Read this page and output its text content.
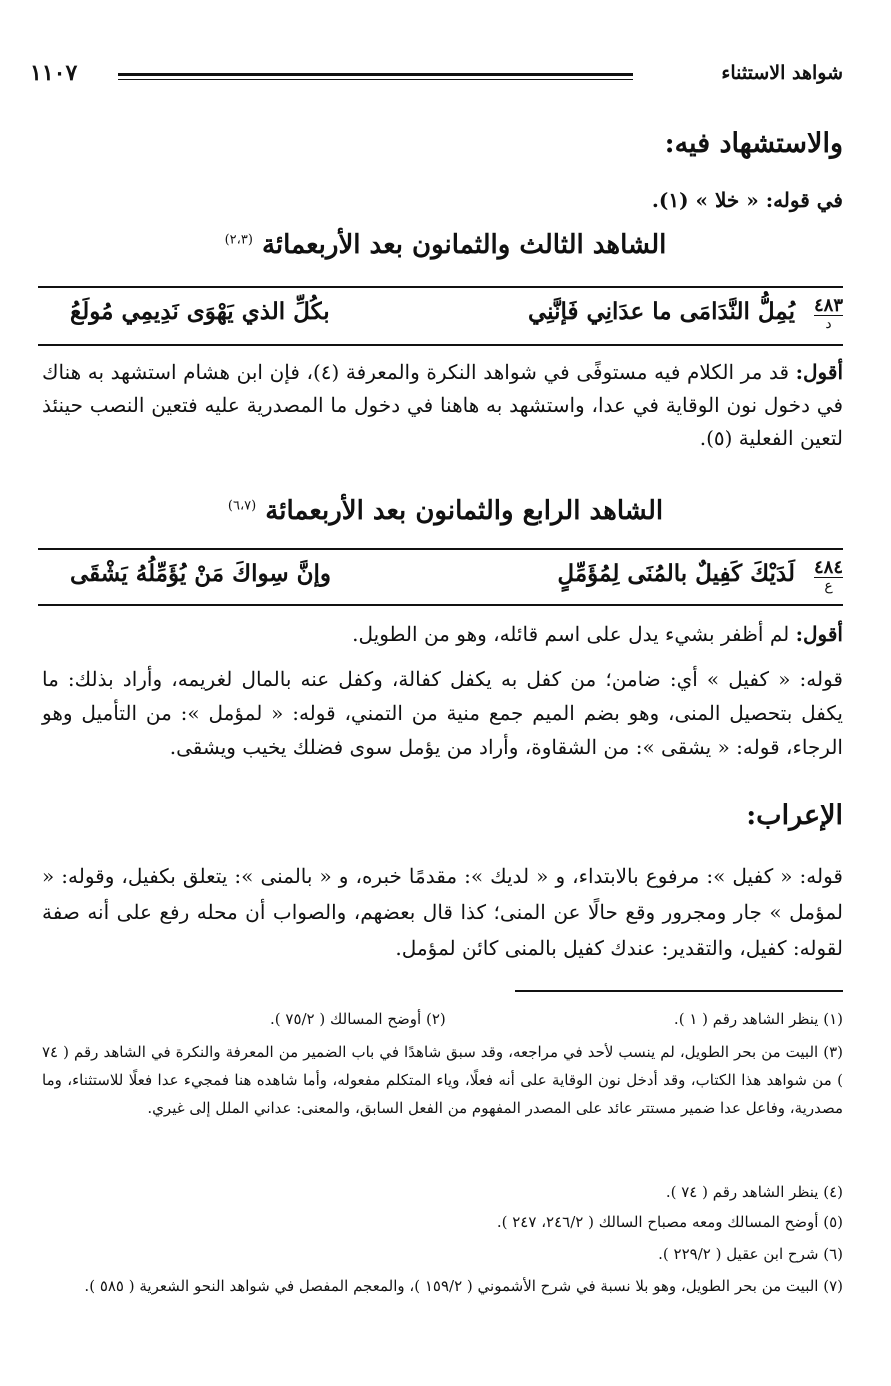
شواهد الاستثناء
١١٠٧
والاستشهاد فيه:
في قوله: « خلا » (١).
الشاهد الثالث والثمانون بعد الأربعمائة $^{(٢،٣)}$
٤٨٣
د
بكُلِّ الذي يَهْوَى نَدِيمِي مُولَعُ	يُمِلُّ النَّدَامَى ما عدَانِي فَإنَّنِي
أقول: قد مر الكلام فيه مستوفًى في شواهد النكرة والمعرفة (٤)، فإن ابن هشام استشهد به هناك في دخول نون الوقاية في عدا، واستشهد به هاهنا في دخول ما المصدرية عليه فتعين النصب حينئذ لتعين الفعلية (٥).
الشاهد الرابع والثمانون بعد الأربعمائة $^{(٦،٧)}$
٤٨٤
ع
وإنَّ سِواكَ مَنْ يُؤَمِّلُهُ يَشْقَى	لَدَيْكَ كَفِيلٌ بالمُنَى لِمُؤَمِّلٍ
أقول: لم أظفر بشيء يدل على اسم قائله، وهو من الطويل.
قوله: « كفيل » أي: ضامن؛ من كفل به يكفل كفالة، وكفل عنه بالمال لغريمه، وأراد بذلك: ما يكفل بتحصيل المنى، وهو بضم الميم جمع منية من التمني، قوله: « لمؤمل »: من التأميل وهو الرجاء، قوله: « يشقى »: من الشقاوة، وأراد من يؤمل سوى فضلك يخيب ويشقى.
الإعراب:
قوله: « كفيل »: مرفوع بالابتداء، و « لديك »: مقدمًا خبره، و « بالمنى »: يتعلق بكفيل، وقوله: « لمؤمل » جار ومجرور وقع حالًا عن المنى؛ كذا قال بعضهم، والصواب أن محله رفع على أنه صفة لقوله: كفيل، والتقدير: عندك كفيل بالمنى كائن لمؤمل.
(١) ينظر الشاهد رقم ( ١ ). (٢) أوضح المسالك ( ٧٥/٢ ).
(٣) البيت من بحر الطويل، لم ينسب لأحد في مراجعه، وقد سبق شاهدًا في باب الضمير من المعرفة والنكرة في الشاهد رقم ( ٧٤ ) من شواهد هذا الكتاب، وقد أدخل نون الوقاية على أنه فعلًا، وياء المتكلم مفعوله، وأما شاهده هنا فمجيء عدا فعلًا للاستثناء، وما مصدرية، وفاعل عدا ضمير مستتر عائد على المصدر المفهوم من الفعل السابق، والمعنى: عداني الملل إلى غيري.
(٤) ينظر الشاهد رقم ( ٧٤ ).
(٥) أوضح المسالك ومعه مصباح السالك ( ٢٤٦/٢، ٢٤٧ ).
(٦) شرح ابن عقيل ( ٢٢٩/٢ ).
(٧) البيت من بحر الطويل، وهو بلا نسبة في شرح الأشموني ( ١٥٩/٢ )، والمعجم المفصل في شواهد النحو الشعرية ( ٥٨٥ ).
